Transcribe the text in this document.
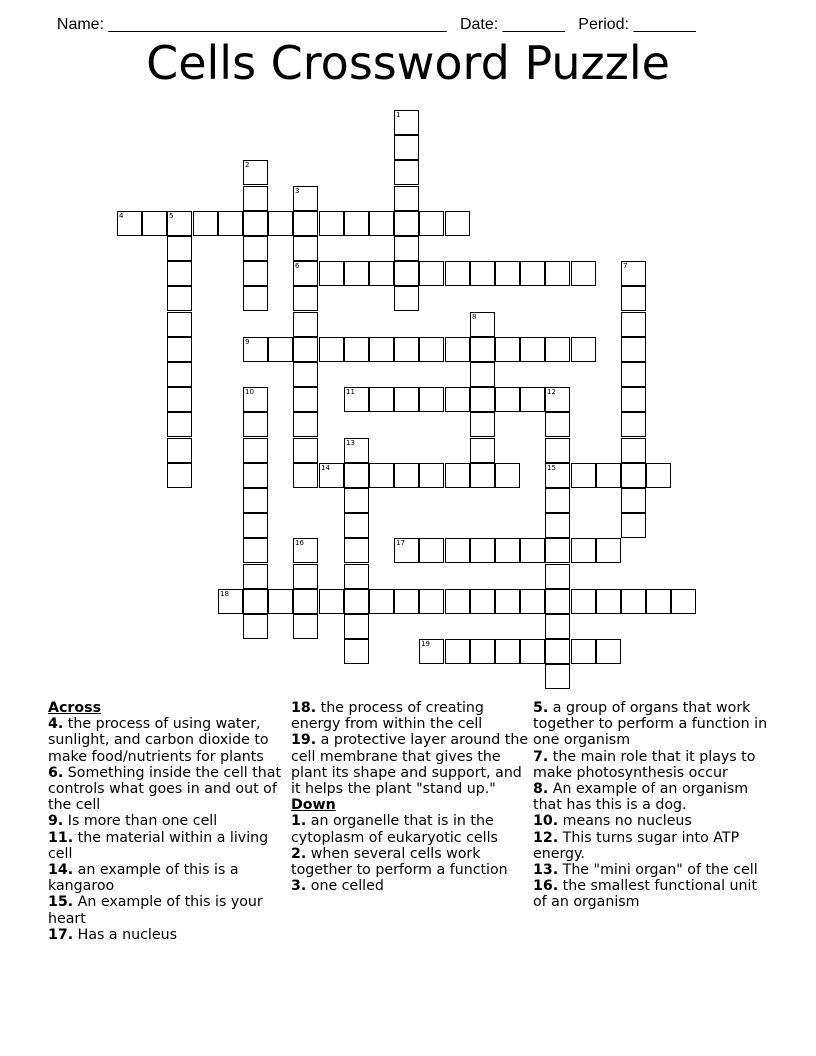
Name: ______________________________________ Date: _______ Period: _______

Cells Crossword Puzzle
4	5
6
9
11	12
14	15
17
18
19
1
2
3
7
8
10
13
16
Across
4. the process of using water, sunlight, and carbon dioxide to make food/nutrients for plants
6. Something inside the cell that controls what goes in and out of the cell
9. Is more than one cell
11. the material within a living cell
14. an example of this is a kangaroo
15. An example of this is your heart
17. Has a nucleus
18. the process of creating energy from within the cell
19. a protective layer around the cell membrane that gives the plant its shape and support, and it helps the plant "stand up."
Down
1. an organelle that is in the cytoplasm of eukaryotic cells
2. when several cells work together to perform a function
3. one celled
5. a group of organs that work together to perform a function in one organism
7. the main role that it plays to make photosynthesis occur
8. An example of an organism that has this is a dog.
10. means no nucleus
12. This turns sugar into ATP energy.
13. The "mini organ" of the cell
16. the smallest functional unit of an organism
